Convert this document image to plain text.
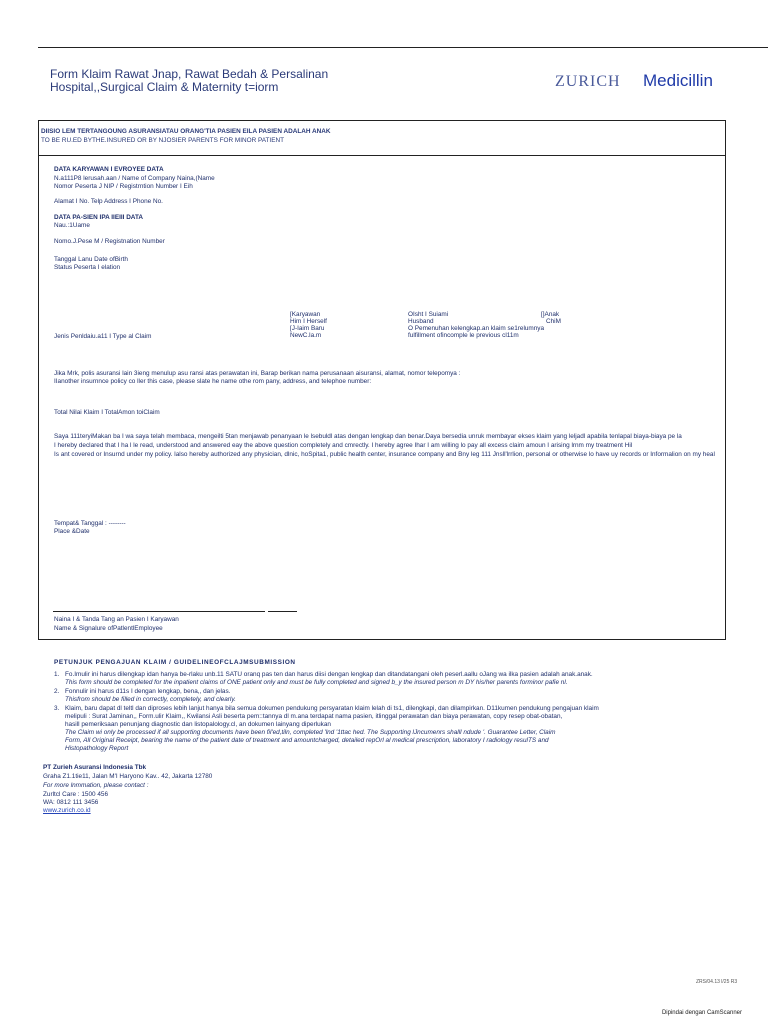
Form Klaim Rawat Jnap, Rawat Bedah & Persalinan
Hospital,,Surgical Claim & Maternity t=iorm	ZURICH Medicillin
DIISIO LEM TERTANGOUNG ASURANSIATAU ORANG'TIA PASIEN EILA PASIEN ADALAH ANAK
TO BE RU.ED BYTHE.INSURED OR BY NJOSIER PARENTS FOR MINOR PATIENT
DATA KARYAWAN I EVROYEE DATA
N.a111P8 lerusah.aan / Name of Company Naina,(Name
Nomor Peserta J NIP / Registrntion Number I Eih
Alamat I No. Telp Address I Phone No.
DATA PA-SIEN IPA IIEIII DATA
Nau.:1Uame
Nomo.J.Pese M / Registnation Number
Tanggal Lanu Date ofBirth
Status Peserta I elation
[Karyawan
Him I Herself
[J-Iaim Baru
NewC.la.m
OIsht I Suiami
Husband
O Pemenuhan kelengkap.an klaim se1relumnya
fulfillment ofincomple le previous cl11m
[]Anak
ChiM
Jenis Penldaiu.a11 I Type al Claim
Jika Mrk, polis asuransi lain 3ieng menulup asu ransi atas perawatan ini, Barap berikan nama perusanaan aisuransi, alamat, nomor telepomya :
IIanother insurnnce policy co ller this case, please slate he name othe rom pany, address, and telephoe number:
Total Nilai Klaim I TotalAmon toiClaim
Saya 111teryiMakan ba I wa saya telah membaca, mengeilti 5tan menjawab penanyaan le lsebuldl atas dengan lengkap dan benar.Daya bersedia unruk membayar ekses klaim yang leljadl apabila tenlapal biaya-biaya pe la
I hereby declared that I ha l le read, understood and answered eay the above question completely and cmrectly. I hereby agree Ihar I am willing lo pay all excess claim amoun I arising lrnm my treatment Hil
Is ant covered or Insurnd under my policy. lalso hereby authorized any physician, dlnic, hoSpita1, public health center, insurance company and Bny leg 111 Jnsll'lrrlion, personal or otherwise lo have uy records or Informalion on my heal
Tempat& Tanggal : --------
Place &Date
Naina I & Tanda Tang an Pasien I Karyawan
Name & Signalure ofPatlentlEmployee
PETUNJUK PENGAJUAN KLAIM / GUIDELINEOFCLAJMSUBMISSION
1. Fo.Imulir ini harus dilengkap idan hanya be-rlaku unb.11 SATU oranq pas ten dan harus diisi dengan lengkap dan ditandatangani oleh peserl.aallu oJang wa ilka pasien adalah anak.anak.
This form should be completed for the inpatient claims of ONE patient only and must be fully completed and signed b_y the insured person m DY his/her parents forminor pafie nl.
2. Fonnulir ini harus d11s I dengan lengkap, bena,, dan jelas.
Thisfrom should be filled in correctly, completely, and clearly.
3. Klaim, baru dapat dl teltl dan diproses lebih lanjut hanya bila semua dokumen pendukung persyaratan klaim lelah di ts1, dilengkapi, dan dilampirkan. D11kumen pendukung pengajuan klaim
melipuli : Surat Jaminan,, Form.ulir Klaim,, Kwilansi Asli beserta pem::tannya dl m.ana terdapat nama pasien, itlinggal perawatan dan biaya perawatan, copy resep obat-obatan,
hasill pemeriksaan penunjang diagnostic dan listopalology.cl, an dokumen lainyang diperlukan
The Claim wi only be processed if all supporting documents have been fil'ed,tiln, completed 'lnd '1ttac hed. The Supporting lJncumenrs shalll ndude '. Guarantee Letter, Claim
Form, All Original Receipt, bearing the name of the patient date of treatment and amountcharged, detailed repOrl al medical prescription, laboratory I radiology resulTS and
Histopathology Report
PT Zurieh Asuransi Indonesia Tbk
Graha Z1.1tie11, Jalan M'I Haryono Kav.. 42, Jakarta 12780
For more lnmmation, please contact :
Zurltcl Care : 1500 456
WA: 0812 111 3456
www.zurich.co.id
ZRS/04.13 l/25 R3
Dipindai dengan CamScanner
